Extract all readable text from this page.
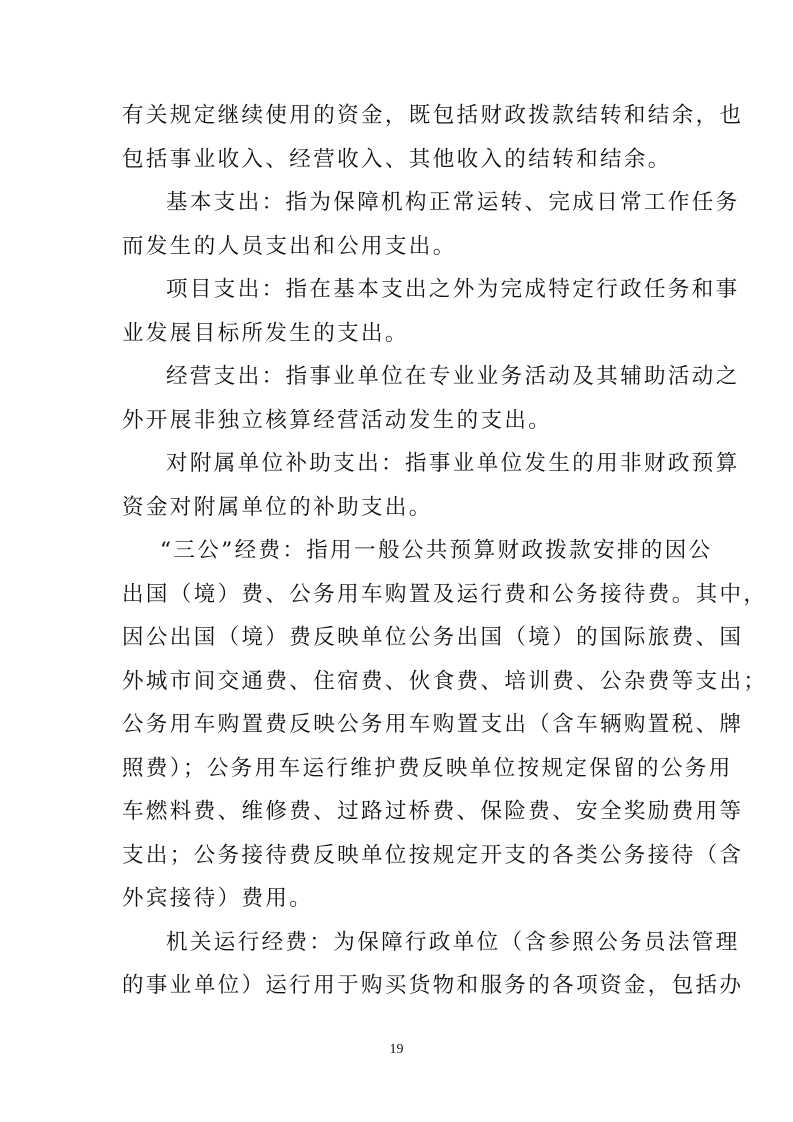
有关规定继续使用的资金，既包括财政拨款结转和结余，也
包括事业收入、经营收入、其他收入的结转和结余。
基本支出：指为保障机构正常运转、完成日常工作任务
而发生的人员支出和公用支出。
项目支出：指在基本支出之外为完成特定行政任务和事
业发展目标所发生的支出。
经营支出：指事业单位在专业业务活动及其辅助活动之
外开展非独立核算经营活动发生的支出。
对附属单位补助支出：指事业单位发生的用非财政预算
资金对附属单位的补助支出。
“三公”经费：指用一般公共预算财政拨款安排的因公
出国（境）费、公务用车购置及运行费和公务接待费。其中，
因公出国（境）费反映单位公务出国（境）的国际旅费、国
外城市间交通费、住宿费、伙食费、培训费、公杂费等支出；
公务用车购置费反映公务用车购置支出（含车辆购置税、牌
照费）；公务用车运行维护费反映单位按规定保留的公务用
车燃料费、维修费、过路过桥费、保险费、安全奖励费用等
支出；公务接待费反映单位按规定开支的各类公务接待（含
外宾接待）费用。
机关运行经费：为保障行政单位（含参照公务员法管理
的事业单位）运行用于购买货物和服务的各项资金，包括办
19
